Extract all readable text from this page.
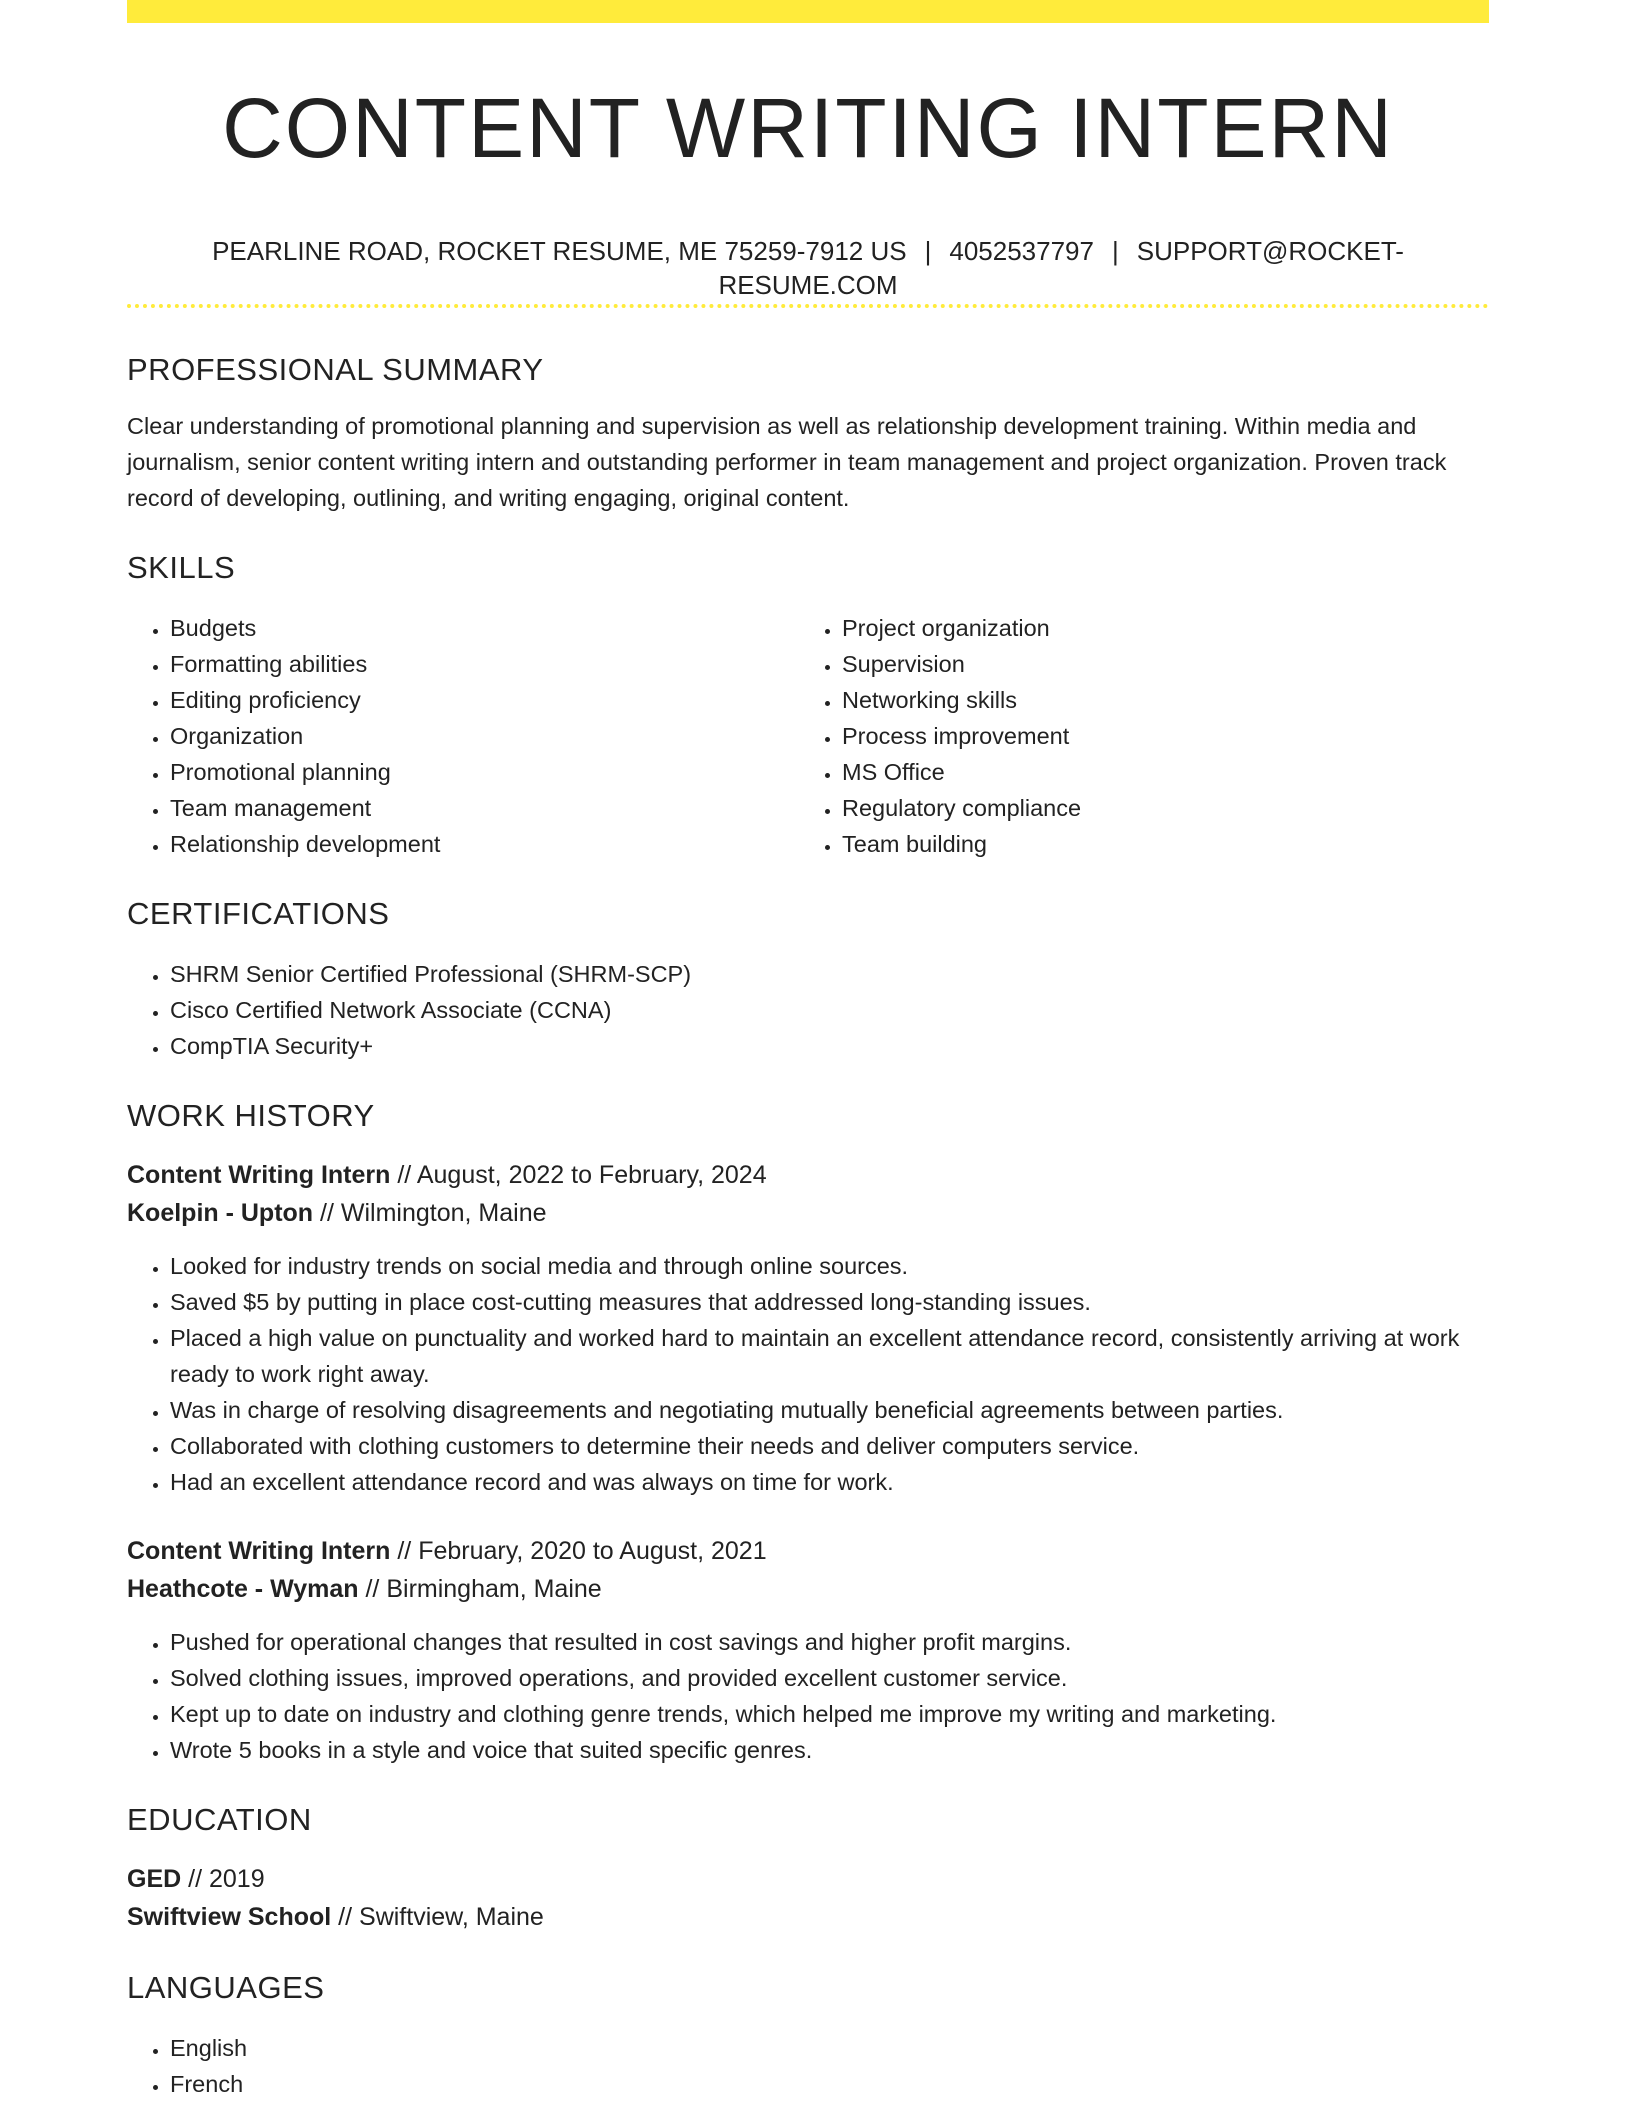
CONTENT WRITING INTERN
PEARLINE ROAD, ROCKET RESUME, ME 75259-7912 US | 4052537797 | SUPPORT@ROCKET-RESUME.COM
PROFESSIONAL SUMMARY

Clear understanding of promotional planning and supervision as well as relationship development training. Within media and journalism, senior content writing intern and outstanding performer in team management and project organization. Proven track record of developing, outlining, and writing engaging, original content.

SKILLS
• Budgets
• Formatting abilities
• Editing proficiency
• Organization
• Promotional planning
• Team management
• Relationship development
• Project organization
• Supervision
• Networking skills
• Process improvement
• MS Office
• Regulatory compliance
• Team building
CERTIFICATIONS
• SHRM Senior Certified Professional (SHRM-SCP)
• Cisco Certified Network Associate (CCNA)
• CompTIA Security+
WORK HISTORY
Content Writing Intern // August, 2022 to February, 2024
Koelpin - Upton // Wilmington, Maine
• Looked for industry trends on social media and through online sources.
• Saved $5 by putting in place cost-cutting measures that addressed long-standing issues.
• Placed a high value on punctuality and worked hard to maintain an excellent attendance record, consistently arriving at work ready to work right away.
• Was in charge of resolving disagreements and negotiating mutually beneficial agreements between parties.
• Collaborated with clothing customers to determine their needs and deliver computers service.
• Had an excellent attendance record and was always on time for work.
Content Writing Intern // February, 2020 to August, 2021
Heathcote - Wyman // Birmingham, Maine
• Pushed for operational changes that resulted in cost savings and higher profit margins.
• Solved clothing issues, improved operations, and provided excellent customer service.
• Kept up to date on industry and clothing genre trends, which helped me improve my writing and marketing.
• Wrote 5 books in a style and voice that suited specific genres.
EDUCATION
GED // 2019
Swiftview School // Swiftview, Maine
LANGUAGES
• English
• French
